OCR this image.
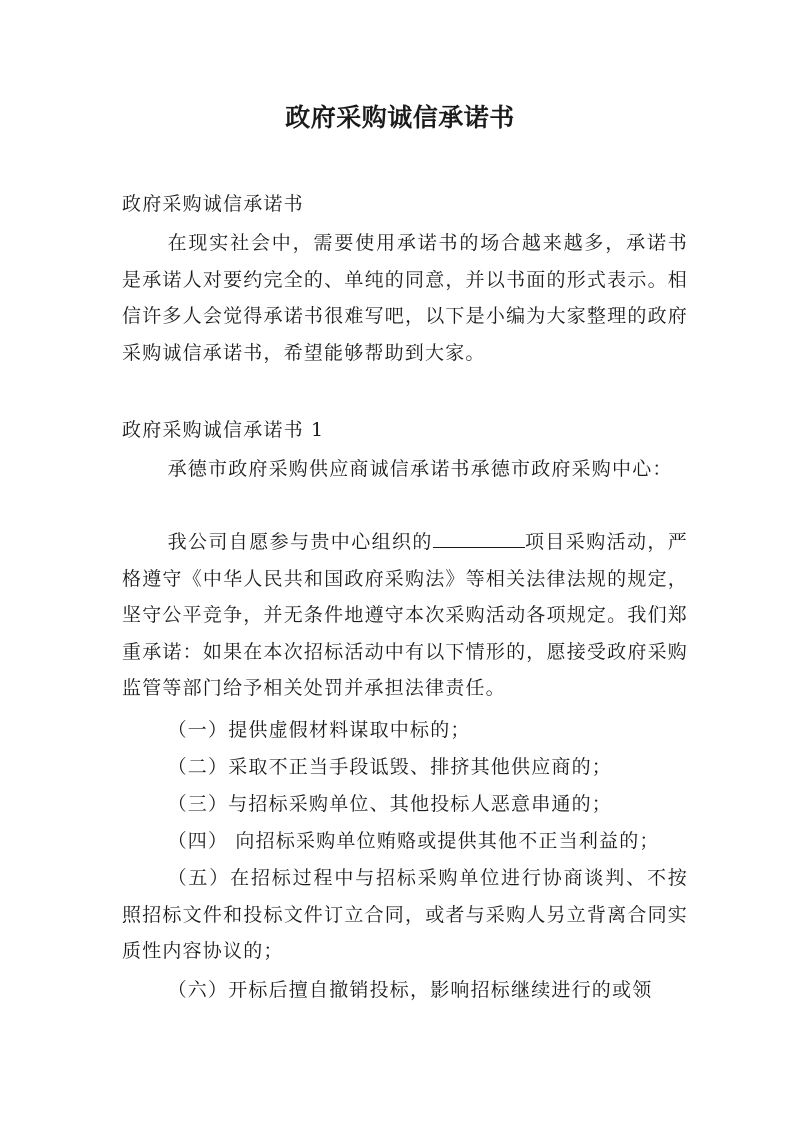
政府采购诚信承诺书

政府采购诚信承诺书

在现实社会中，需要使用承诺书的场合越来越多，承诺书是承诺人对要约完全的、单纯的同意，并以书面的形式表示。相信许多人会觉得承诺书很难写吧，以下是小编为大家整理的政府采购诚信承诺书，希望能够帮助到大家。

政府采购诚信承诺书 1

承德市政府采购供应商诚信承诺书承德市政府采购中心：

我公司自愿参与贵中心组织的	项目采购活动，严格遵守《中华人民共和国政府采购法》等相关法律法规的规定，坚守公平竞争，并无条件地遵守本次采购活动各项规定。我们郑重承诺：如果在本次招标活动中有以下情形的，愿接受政府采购监管等部门给予相关处罚并承担法律责任。

（一）提供虚假材料谋取中标的；

（二）采取不正当手段诋毁、排挤其他供应商的；

（三）与招标采购单位、其他投标人恶意串通的；

（四） 向招标采购单位贿赂或提供其他不正当利益的；

（五）在招标过程中与招标采购单位进行协商谈判、不按照招标文件和投标文件订立合同，或者与采购人另立背离合同实质性内容协议的；

（六）开标后擅自撤销投标，影响招标继续进行的或领
